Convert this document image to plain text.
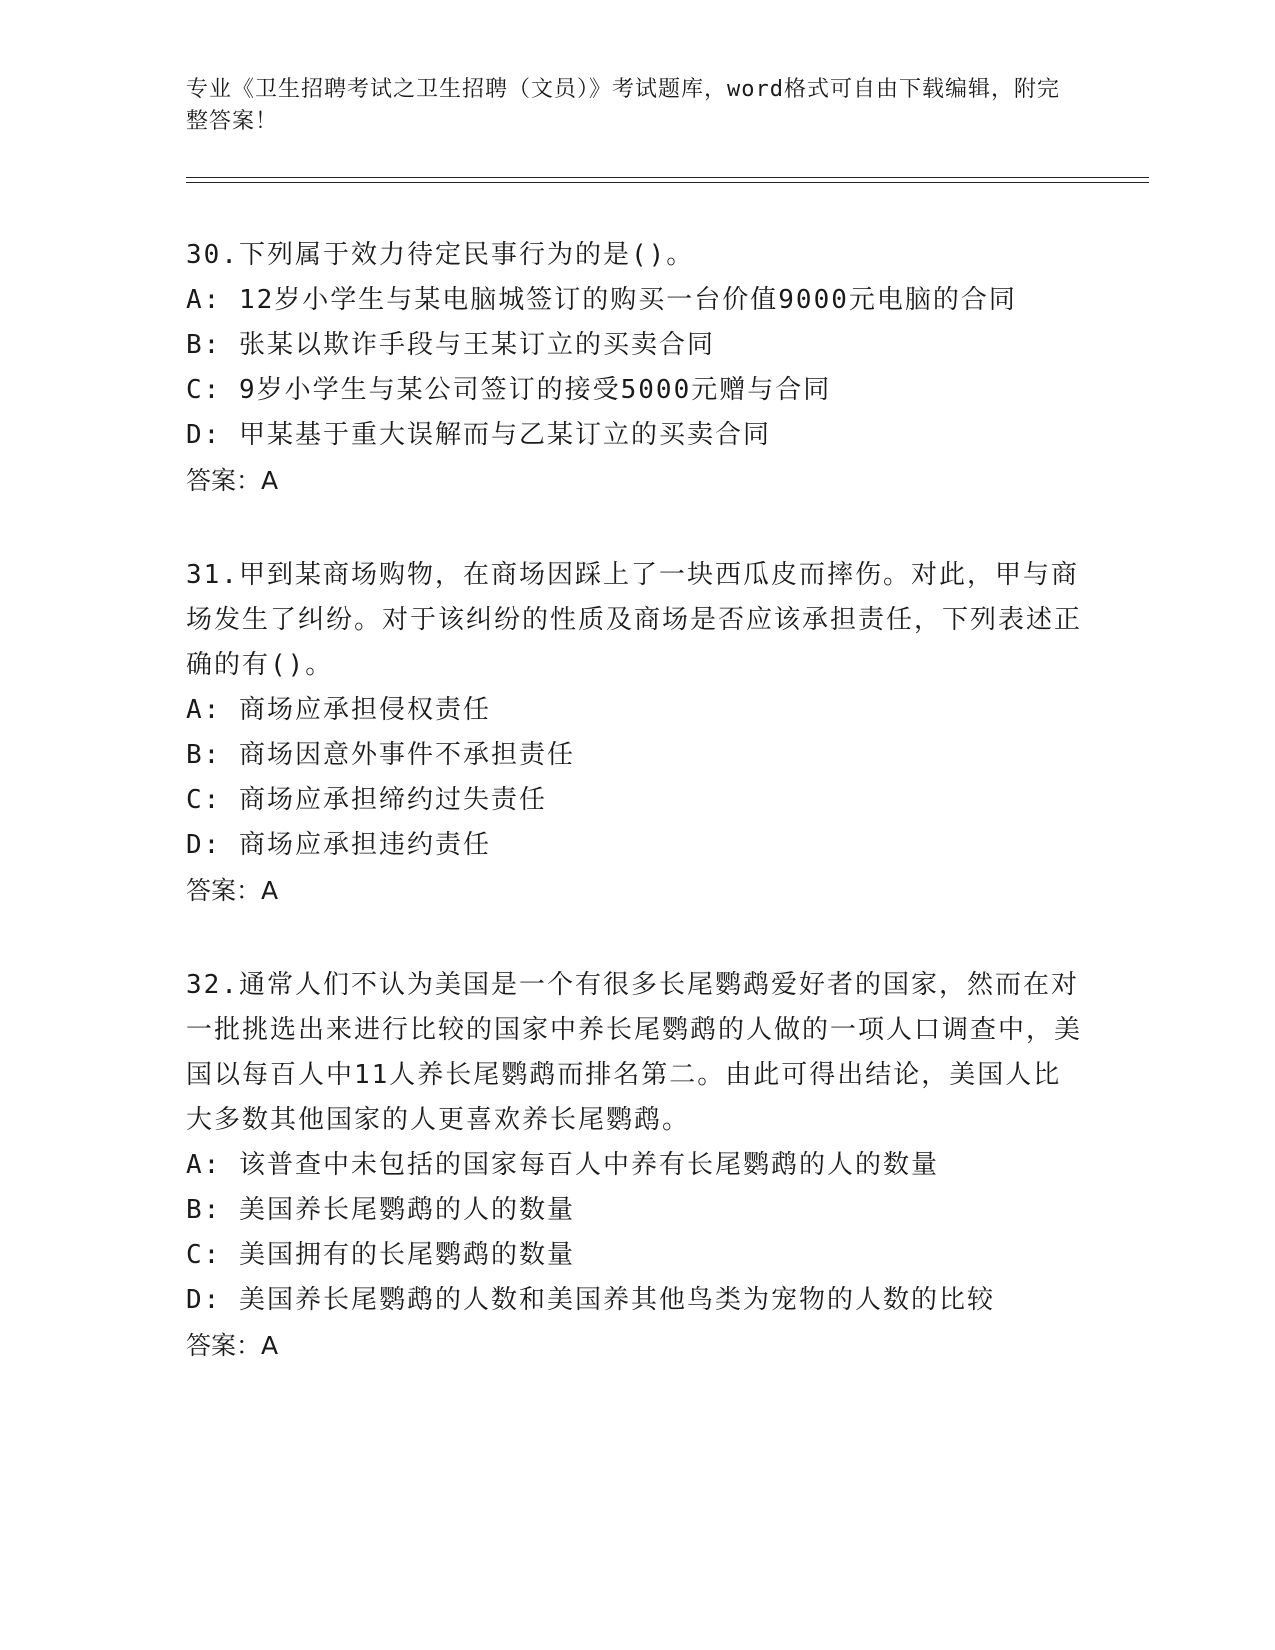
专业《卫生招聘考试之卫生招聘（文员）》考试题库，word格式可自由下载编辑，附完整答案！
30.下列属于效力待定民事行为的是()。
A: 12岁小学生与某电脑城签订的购买一台价值9000元电脑的合同
B: 张某以欺诈手段与王某订立的买卖合同
C: 9岁小学生与某公司签订的接受5000元赠与合同
D: 甲某基于重大误解而与乙某订立的买卖合同
答案：A
31.甲到某商场购物，在商场因踩上了一块西瓜皮而摔伤。对此，甲与商场发生了纠纷。对于该纠纷的性质及商场是否应该承担责任，下列表述正确的有()。
A: 商场应承担侵权责任
B: 商场因意外事件不承担责任
C: 商场应承担缔约过失责任
D: 商场应承担违约责任
答案：A
32.通常人们不认为美国是一个有很多长尾鹦鹉爱好者的国家，然而在对一批挑选出来进行比较的国家中养长尾鹦鹉的人做的一项人口调查中，美国以每百人中11人养长尾鹦鹉而排名第二。由此可得出结论，美国人比大多数其他国家的人更喜欢养长尾鹦鹉。
A: 该普查中未包括的国家每百人中养有长尾鹦鹉的人的数量
B: 美国养长尾鹦鹉的人的数量
C: 美国拥有的长尾鹦鹉的数量
D: 美国养长尾鹦鹉的人数和美国养其他鸟类为宠物的人数的比较
答案：A
